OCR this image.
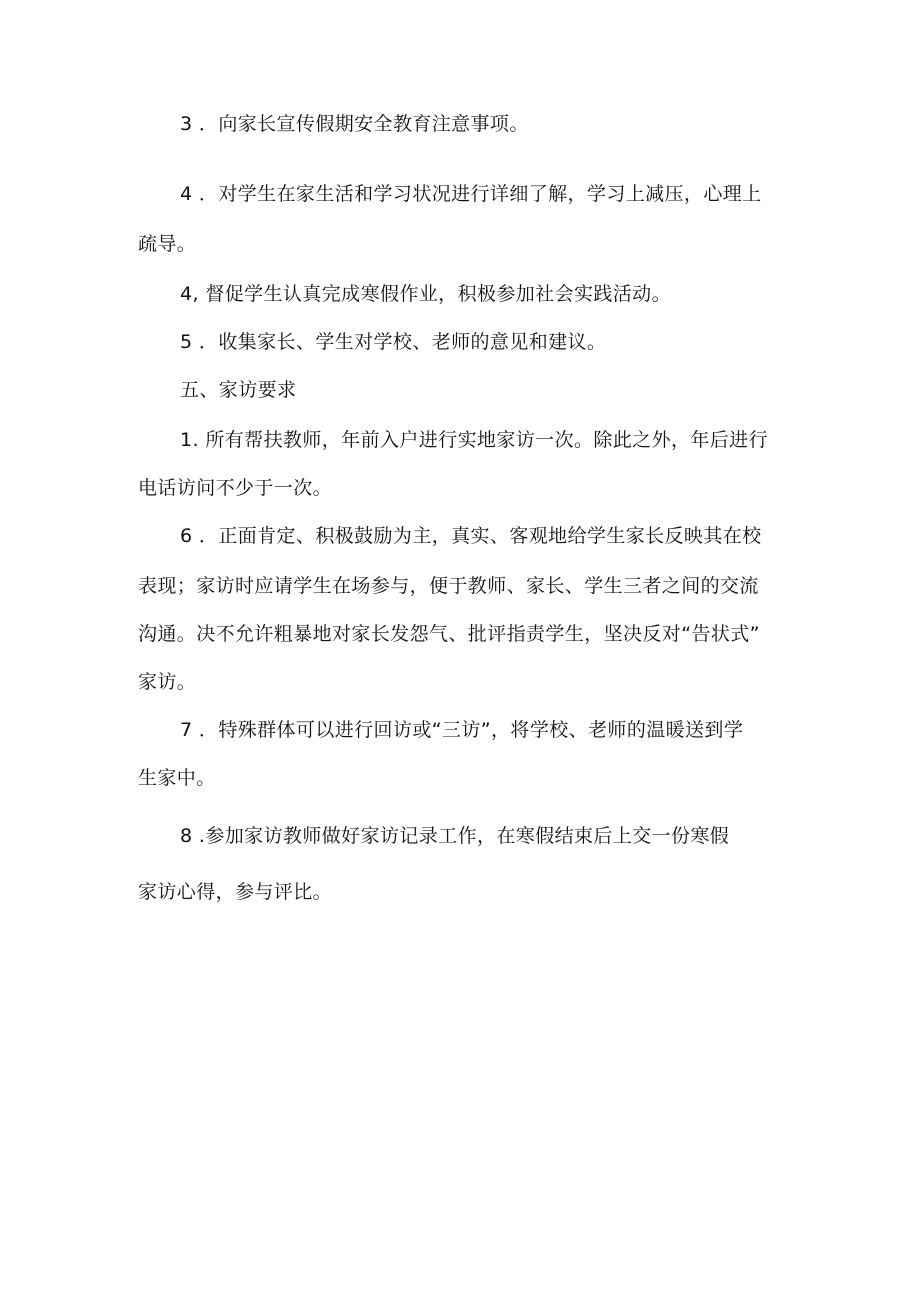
3 ．向家长宣传假期安全教育注意事项。
4 ．对学生在家生活和学习状况进行详细了解，学习上减压，心理上
疏导。
4, 督促学生认真完成寒假作业，积极参加社会实践活动。
5 ．收集家长、学生对学校、老师的意见和建议。
五、家访要求
1. 所有帮扶教师，年前入户进行实地家访一次。除此之外，年后进行
电话访问不少于一次。
6 ．正面肯定、积极鼓励为主，真实、客观地给学生家长反映其在校
表现；家访时应请学生在场参与，便于教师、家长、学生三者之间的交流
沟通。决不允许粗暴地对家长发怨气、批评指责学生，坚决反对“告状式”
家访。
7 ．特殊群体可以进行回访或“三访”，将学校、老师的温暖送到学
生家中。
8 .参加家访教师做好家访记录工作，在寒假结束后上交一份寒假
家访心得，参与评比。
